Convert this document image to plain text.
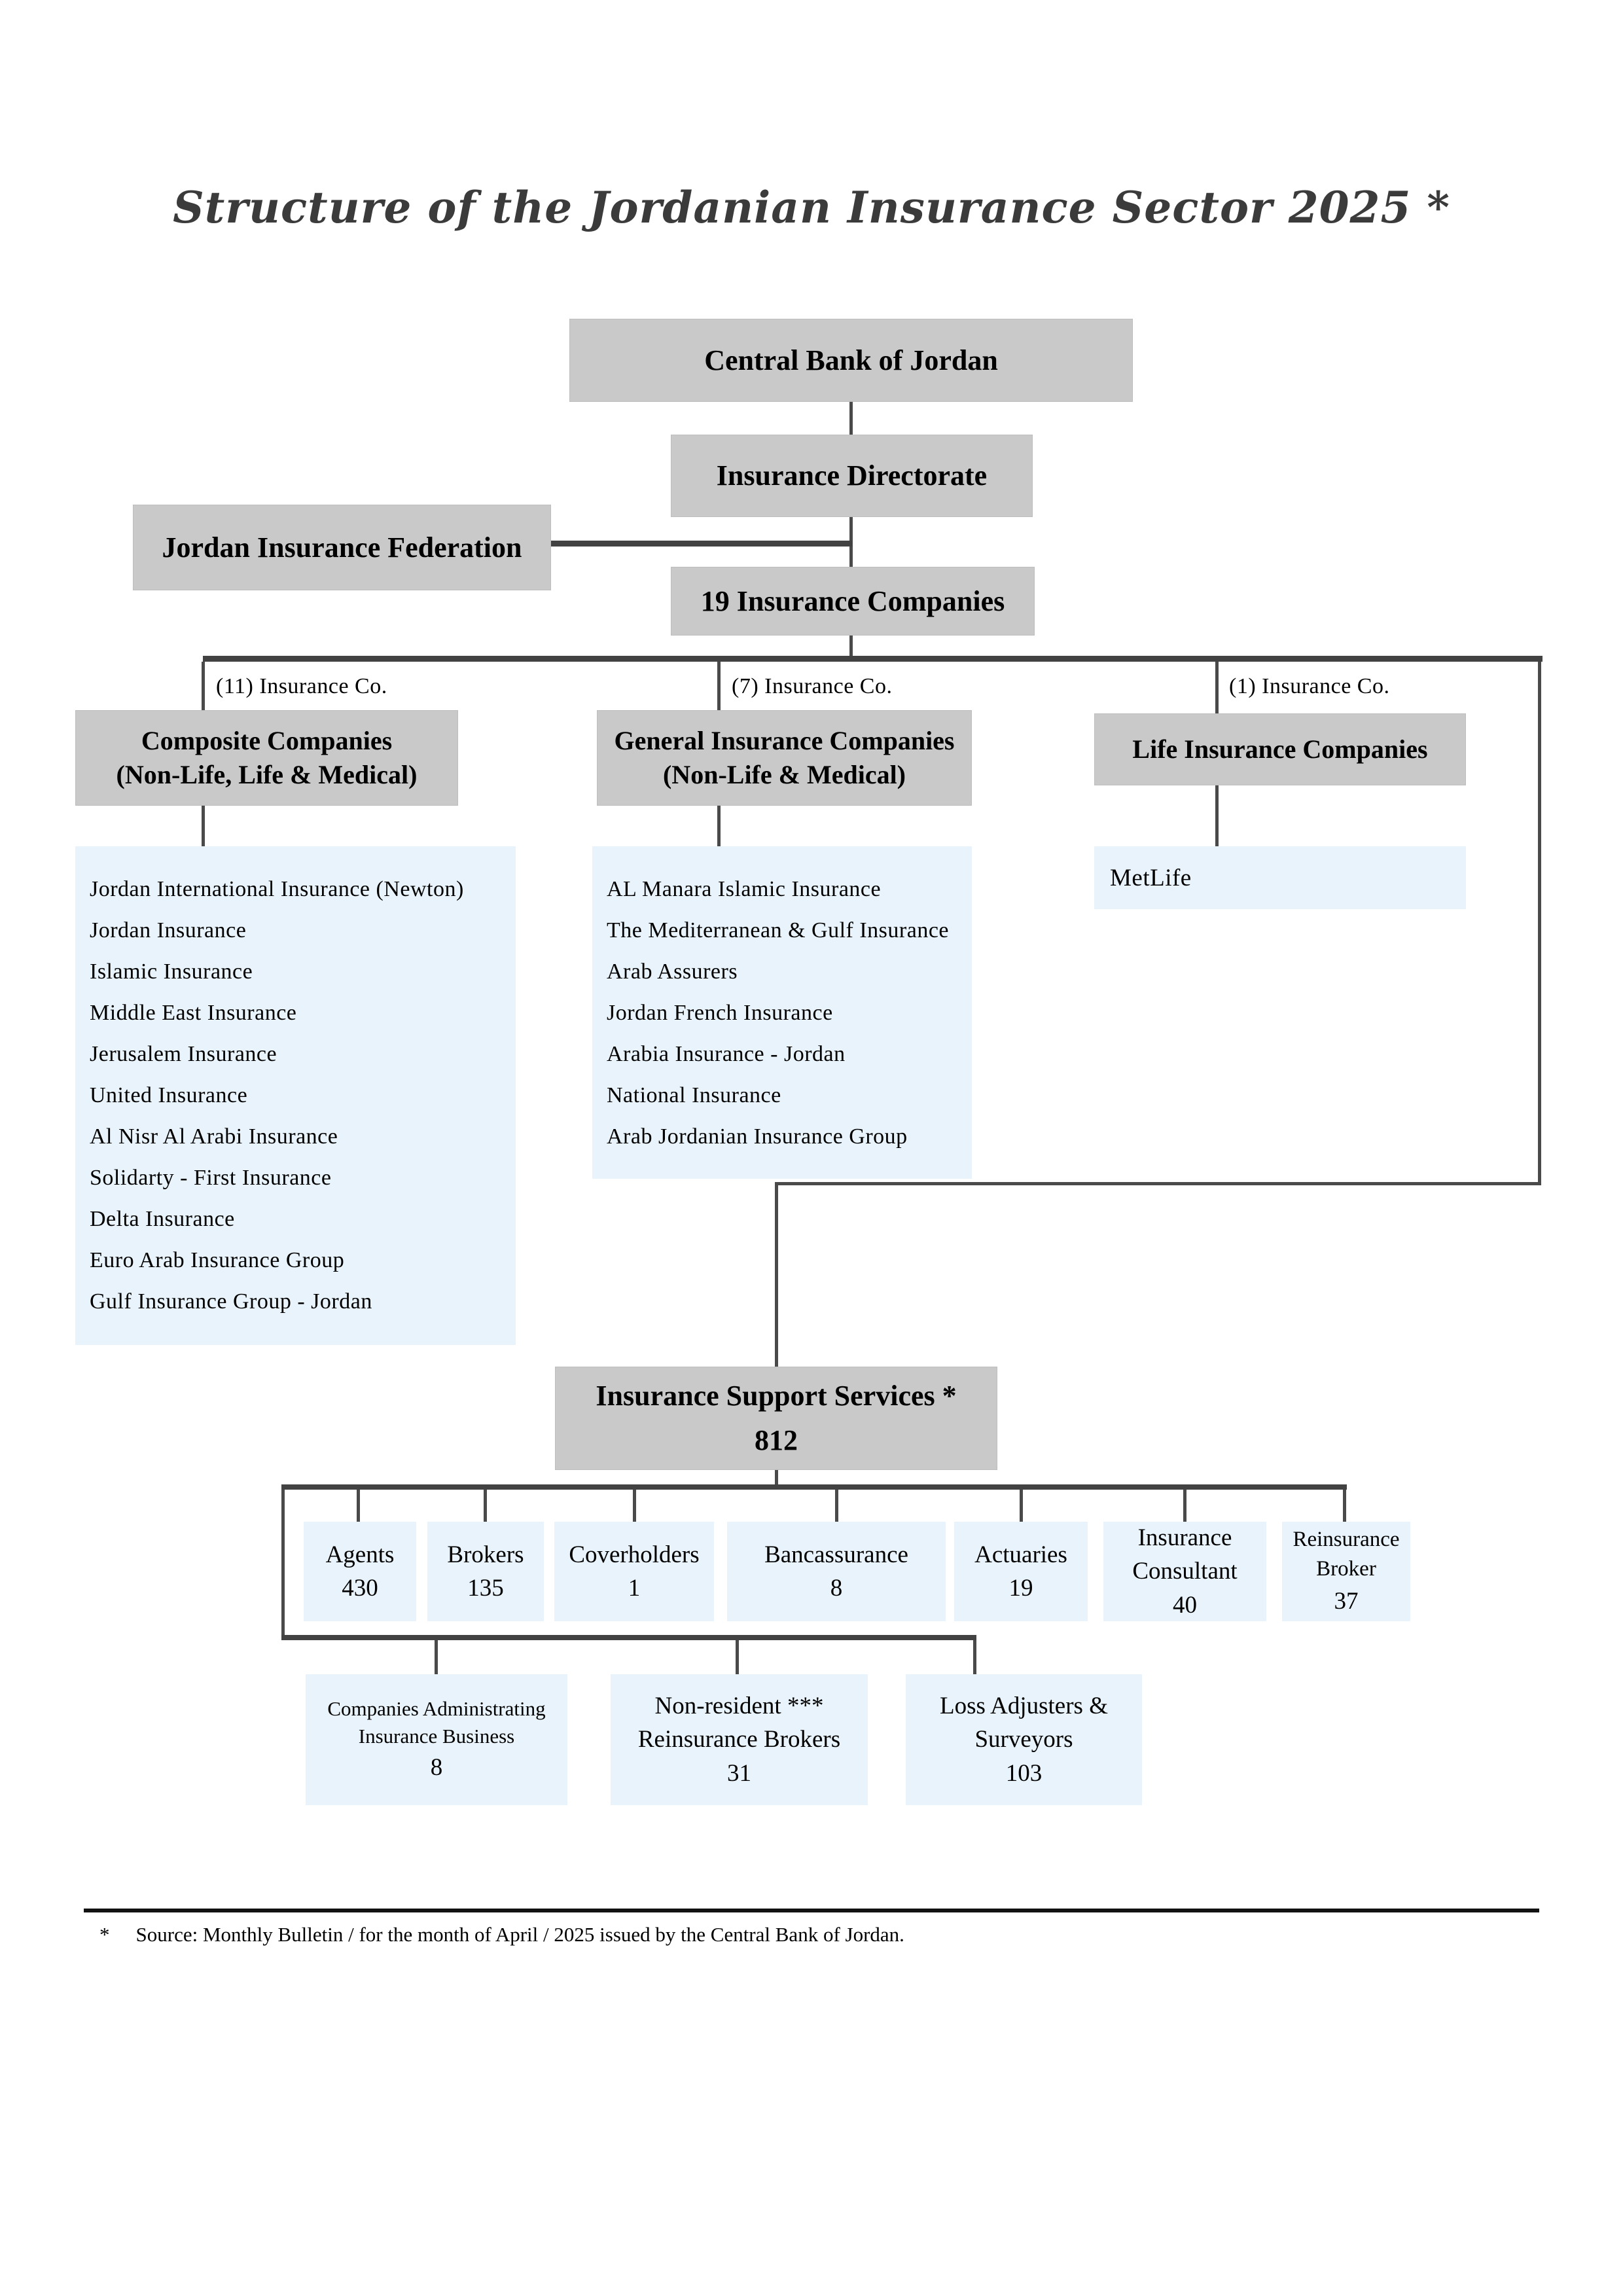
Structure of the Jordanian Insurance Sector 2025 *
Central Bank of Jordan
Insurance Directorate
Jordan Insurance Federation
19 Insurance Companies
(11) Insurance Co.	(7) Insurance Co.	(1) Insurance Co.
Composite Companies
(Non-Life, Life & Medical)
General Insurance Companies
(Non-Life & Medical)
Life Insurance Companies
Jordan International Insurance (Newton)
Jordan Insurance
Islamic Insurance
Middle East Insurance
Jerusalem Insurance
United Insurance
Al Nisr Al Arabi Insurance
Solidarty - First Insurance
Delta Insurance
Euro Arab Insurance Group
Gulf Insurance Group - Jordan
AL Manara Islamic Insurance
The Mediterranean & Gulf Insurance
Arab Assurers
Jordan French Insurance
Arabia Insurance - Jordan
National Insurance
Arab Jordanian Insurance Group
MetLife
Insurance Support Services *
812
Agents
430
Brokers
135
Coverholders
1
Bancassurance
8
Actuaries
19
Insurance Consultant
40
Reinsurance Broker
37
Companies Administrating Insurance Business
8
Non-resident *** Reinsurance Brokers
31
Loss Adjusters & Surveyors
103
* Source: Monthly Bulletin / for the month of April / 2025 issued by the Central Bank of Jordan.
